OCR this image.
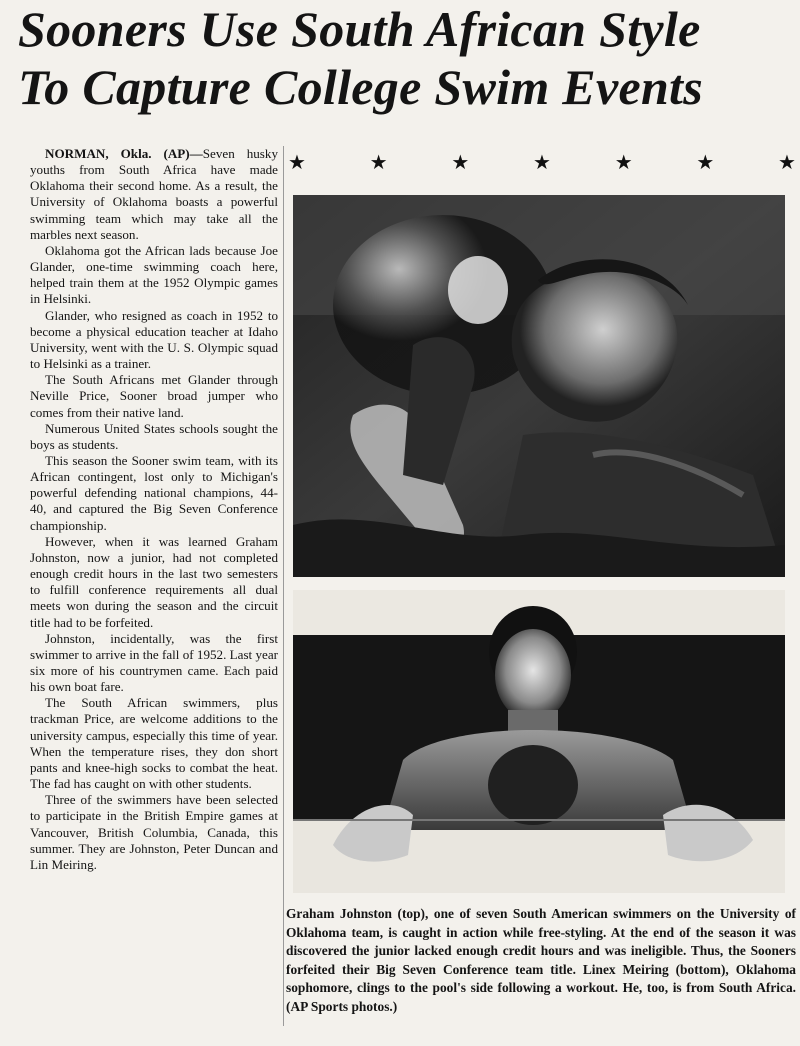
Sooners Use South African Style
To Capture College Swim Events

NORMAN, Okla. (AP)—Seven husky youths from South Africa have made Oklahoma their second home. As a result, the University of Oklahoma boasts a powerful swimming team which may take all the marbles next season.

Oklahoma got the African lads because Joe Glander, one-time swimming coach here, helped train them at the 1952 Olympic games in Helsinki.

Glander, who resigned as coach in 1952 to become a physical education teacher at Idaho University, went with the U. S. Olympic squad to Helsinki as a trainer.

The South Africans met Glander through Neville Price, Sooner broad jumper who comes from their native land.

Numerous United States schools sought the boys as students.

This season the Sooner swim team, with its African contingent, lost only to Michigan's powerful defending national champions, 44-40, and captured the Big Seven Conference championship.

However, when it was learned Graham Johnston, now a junior, had not completed enough credit hours in the last two semesters to fulfill conference requirements all dual meets won during the season and the circuit title had to be forfeited.

Johnston, incidentally, was the first swimmer to arrive in the fall of 1952. Last year six more of his countrymen came. Each paid his own boat fare.

The South African swimmers, plus trackman Price, are welcome additions to the university campus, especially this time of year. When the temperature rises, they don short pants and knee-high socks to combat the heat. The fad has caught on with other students.

Three of the swimmers have been selected to participate in the British Empire games at Vancouver, British Columbia, Canada, this summer. They are Johnston, Peter Duncan and Lin Meiring.

★	★	★	★	★	★	★
Graham Johnston (top), one of seven South American swimmers on the University of Oklahoma team, is caught in action while free-styling. At the end of the season it was discovered the junior lacked enough credit hours and was ineligible. Thus, the Sooners forfeited their Big Seven Conference team title. Linex Meiring (bottom), Oklahoma sophomore, clings to the pool's side following a workout. He, too, is from South Africa. (AP Sports photos.)
